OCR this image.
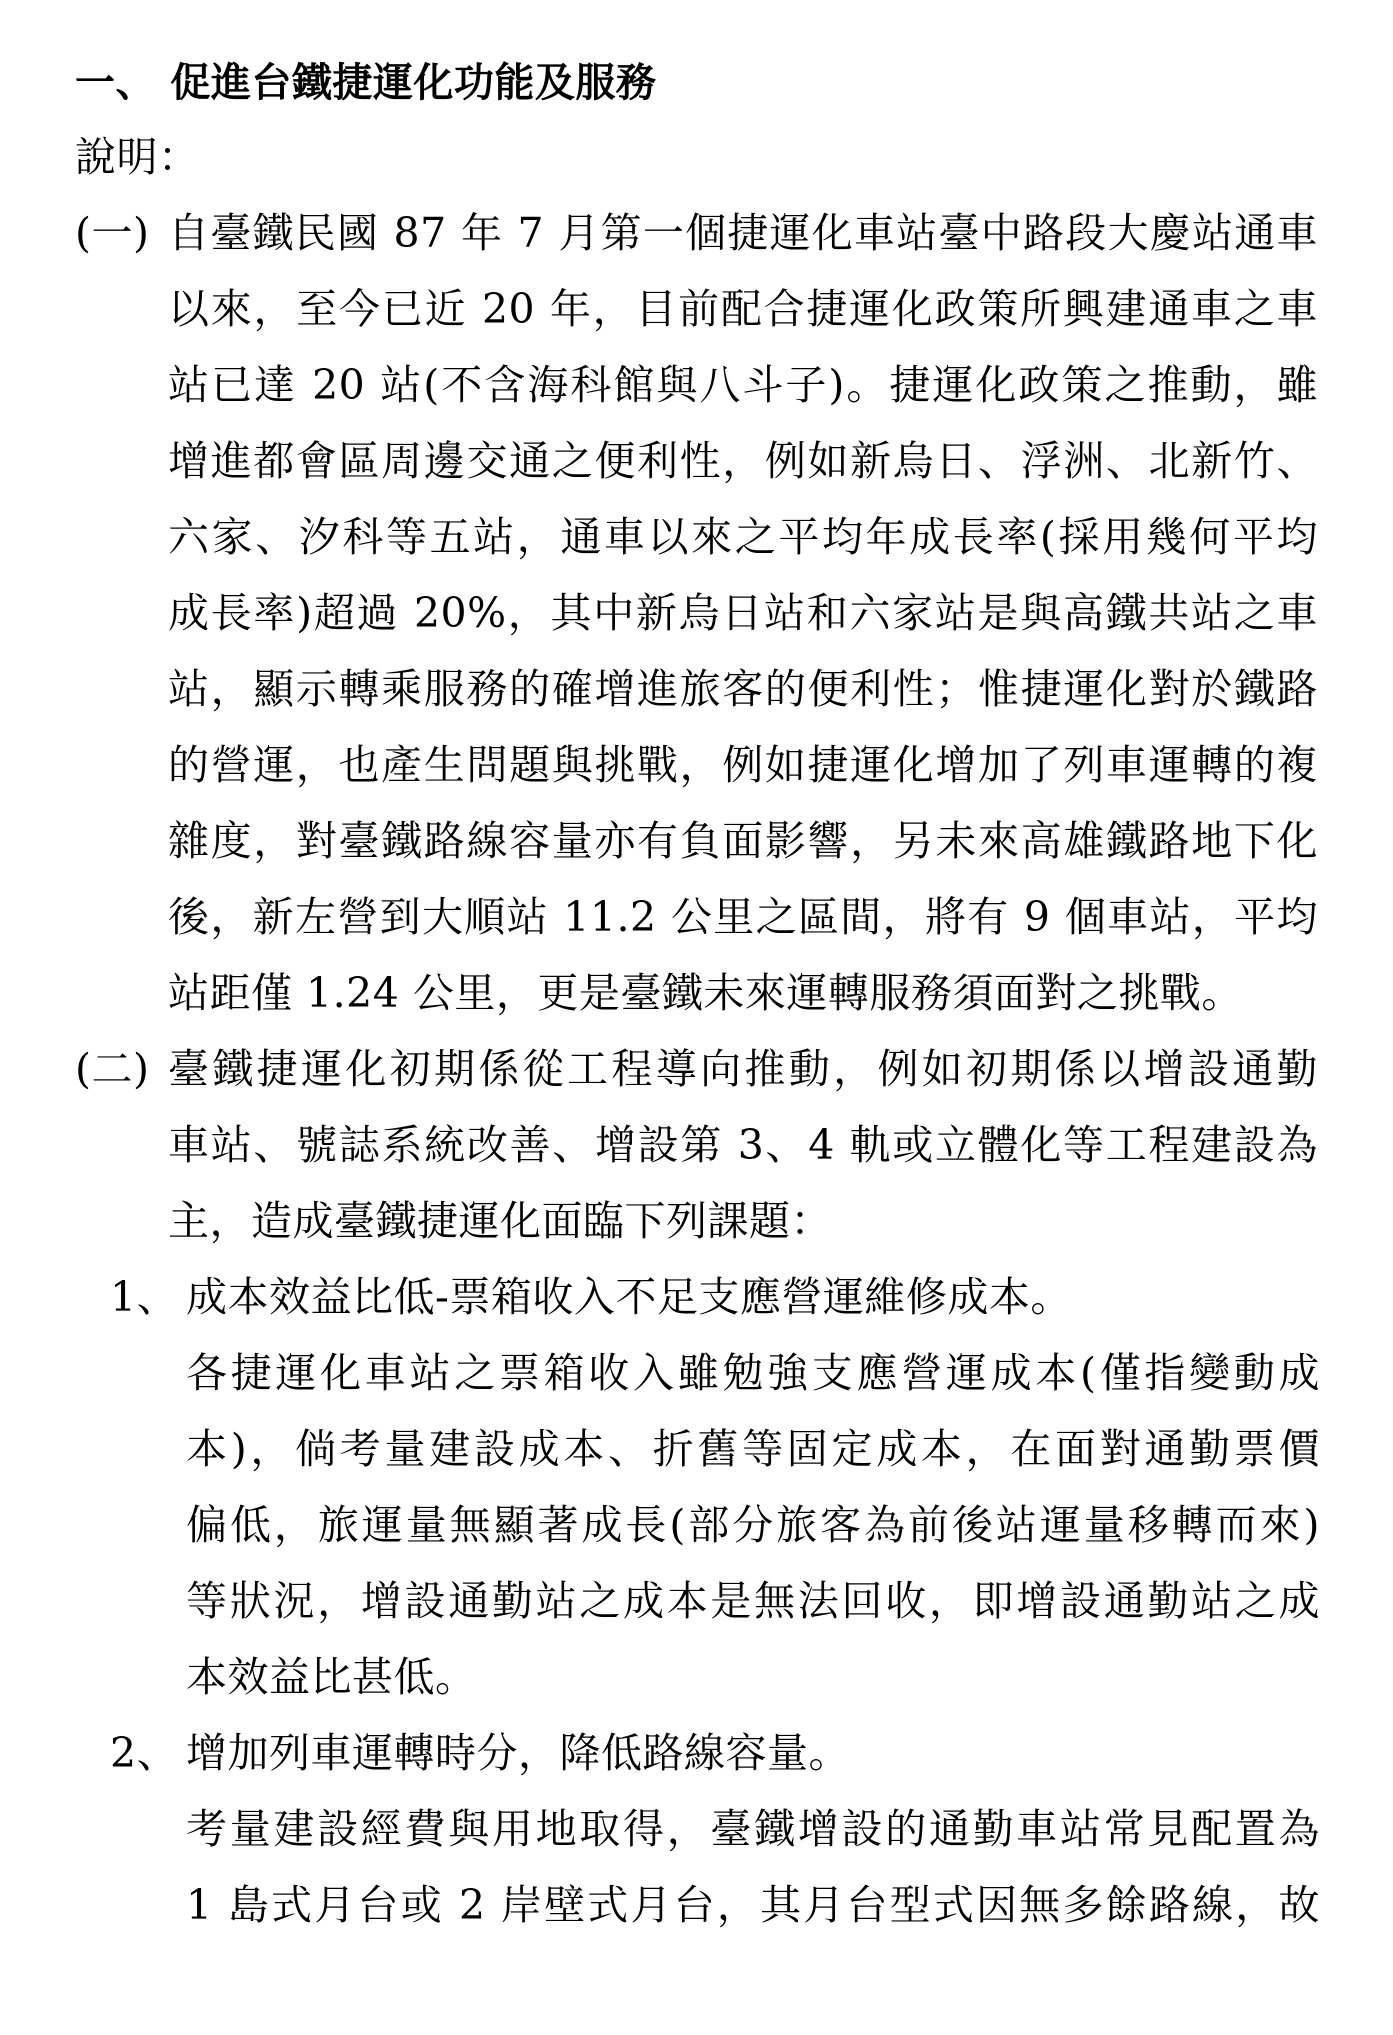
一、 促進台鐵捷運化功能及服務
說明：
(一) 自臺鐵民國 87 年 7 月第一個捷運化車站臺中路段大慶站通車
以來，至今已近 20 年，目前配合捷運化政策所興建通車之車
站已達 20 站(不含海科館與八斗子)。捷運化政策之推動，雖
增進都會區周邊交通之便利性，例如新烏日、浮洲、北新竹、
六家、汐科等五站，通車以來之平均年成長率(採用幾何平均
成長率)超過 20%，其中新烏日站和六家站是與高鐵共站之車
站，顯示轉乘服務的確增進旅客的便利性；惟捷運化對於鐵路
的營運，也產生問題與挑戰，例如捷運化增加了列車運轉的複
雜度，對臺鐵路線容量亦有負面影響，另未來高雄鐵路地下化
後，新左營到大順站 11.2 公里之區間，將有 9 個車站，平均
站距僅 1.24 公里，更是臺鐵未來運轉服務須面對之挑戰。
(二) 臺鐵捷運化初期係從工程導向推動，例如初期係以增設通勤
車站、號誌系統改善、增設第 3、4 軌或立體化等工程建設為
主，造成臺鐵捷運化面臨下列課題：
1、 成本效益比低-票箱收入不足支應營運維修成本。
各捷運化車站之票箱收入雖勉強支應營運成本(僅指變動成
本)，倘考量建設成本、折舊等固定成本，在面對通勤票價
偏低，旅運量無顯著成長(部分旅客為前後站運量移轉而來)
等狀況，增設通勤站之成本是無法回收，即增設通勤站之成
本效益比甚低。
2、 增加列車運轉時分，降低路線容量。
考量建設經費與用地取得，臺鐵增設的通勤車站常見配置為
1 島式月台或 2 岸壁式月台，其月台型式因無多餘路線，故
